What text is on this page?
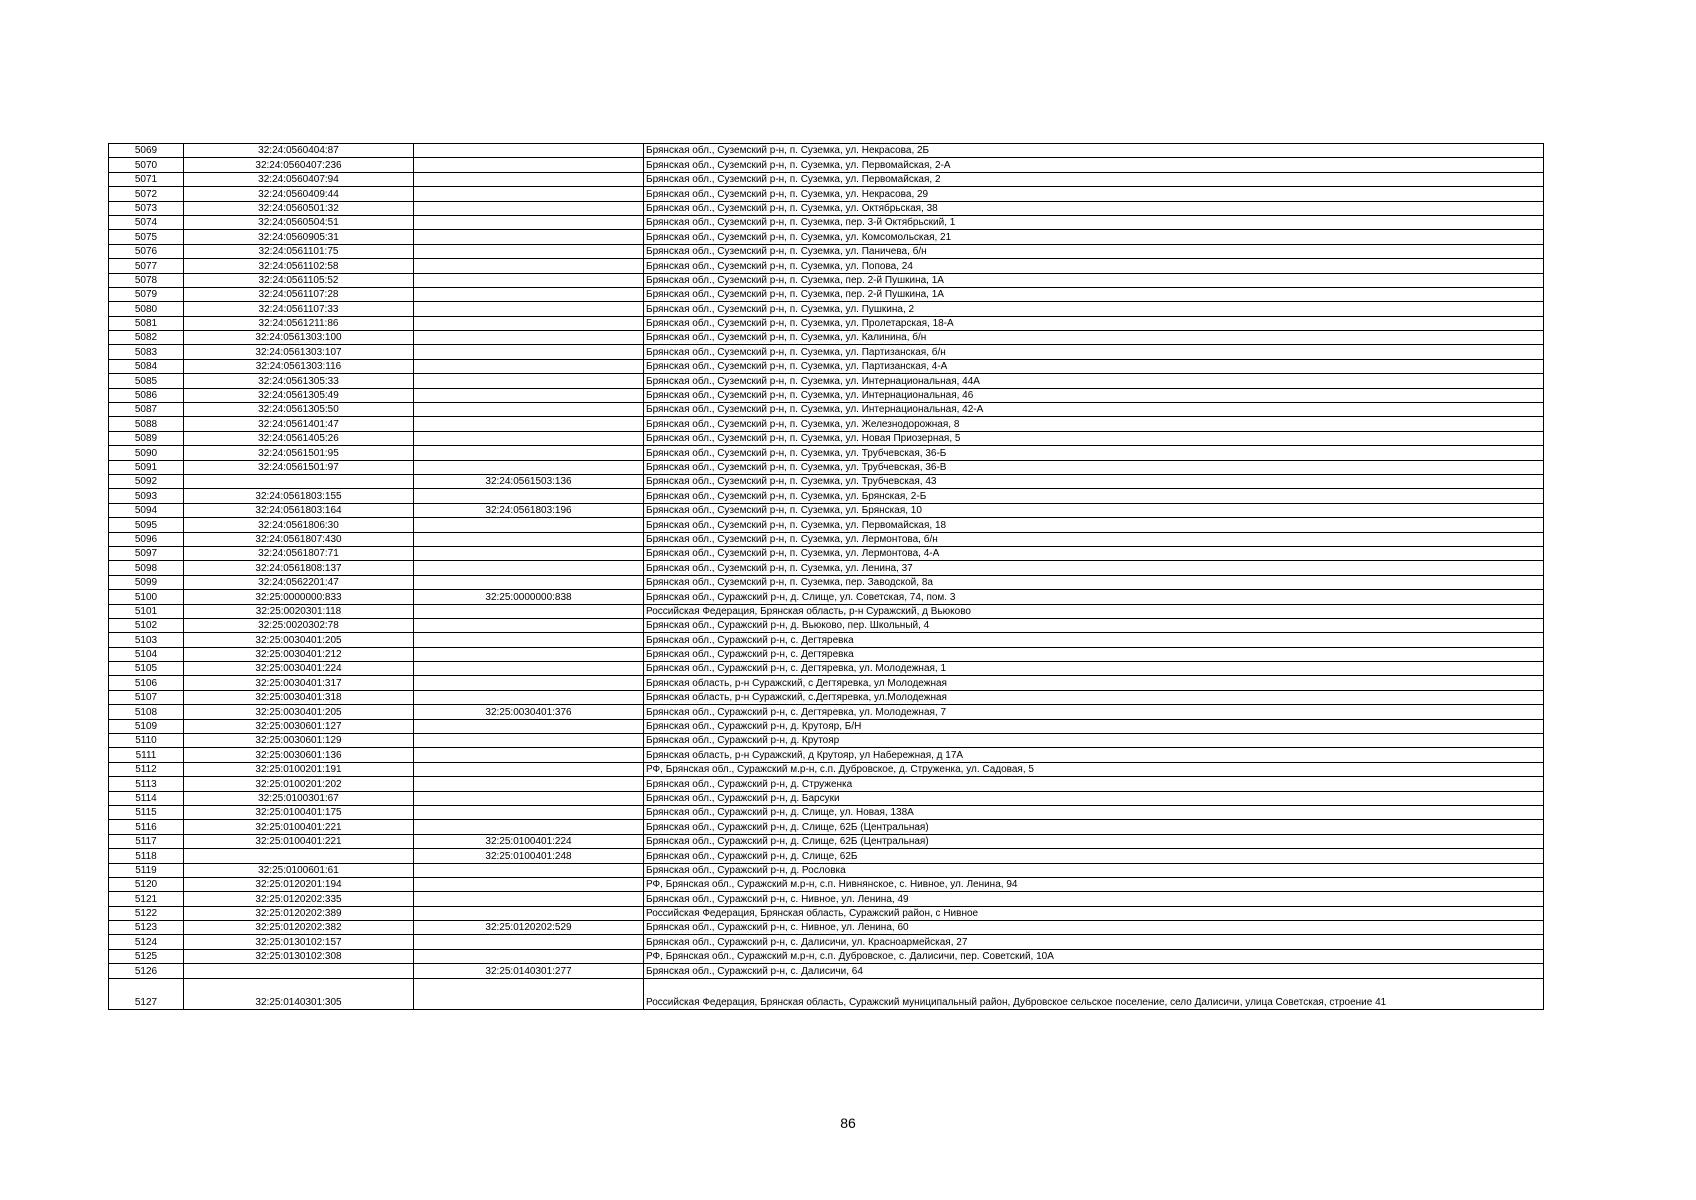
5069	32:24:0560404:87		Брянская обл., Суземский р-н, п. Суземка, ул. Некрасова, 2Б
5070	32:24:0560407:236		Брянская обл., Суземский р-н, п. Суземка, ул. Первомайская, 2-А
5071	32:24:0560407:94		Брянская обл., Суземский р-н, п. Суземка, ул. Первомайская, 2
5072	32:24:0560409:44		Брянская обл., Суземский р-н, п. Суземка, ул. Некрасова, 29
5073	32:24:0560501:32		Брянская обл., Суземский р-н, п. Суземка, ул. Октябрьская, 38
5074	32:24:0560504:51		Брянская обл., Суземский р-н, п. Суземка, пер. 3-й Октябрьский, 1
5075	32:24:0560905:31		Брянская обл., Суземский р-н, п. Суземка, ул. Комсомольская, 21
5076	32:24:0561101:75		Брянская обл., Суземский р-н, п. Суземка, ул. Паничева, б/н
5077	32:24:0561102:58		Брянская обл., Суземский р-н, п. Суземка, ул. Попова, 24
5078	32:24:0561105:52		Брянская обл., Суземский р-н, п. Суземка, пер. 2-й Пушкина, 1А
5079	32:24:0561107:28		Брянская обл., Суземский р-н, п. Суземка, пер. 2-й Пушкина, 1А
5080	32:24:0561107:33		Брянская обл., Суземский р-н, п. Суземка, ул. Пушкина, 2
5081	32:24:0561211:86		Брянская обл., Суземский р-н, п. Суземка, ул. Пролетарская, 18-А
5082	32:24:0561303:100		Брянская обл., Суземский р-н, п. Суземка, ул. Калинина, б/н
5083	32:24:0561303:107		Брянская обл., Суземский р-н, п. Суземка, ул. Партизанская, б/н
5084	32:24:0561303:116		Брянская обл., Суземский р-н, п. Суземка, ул. Партизанская, 4-А
5085	32:24:0561305:33		Брянская обл., Суземский р-н, п. Суземка, ул. Интернациональная, 44А
5086	32:24:0561305:49		Брянская обл., Суземский р-н, п. Суземка, ул. Интернациональная, 46
5087	32:24:0561305:50		Брянская обл., Суземский р-н, п. Суземка, ул. Интернациональная, 42-А
5088	32:24:0561401:47		Брянская обл., Суземский р-н, п. Суземка, ул. Железнодорожная, 8
5089	32:24:0561405:26		Брянская обл., Суземский р-н, п. Суземка, ул. Новая Приозерная, 5
5090	32:24:0561501:95		Брянская обл., Суземский р-н, п. Суземка, ул. Трубчевская, 36-Б
5091	32:24:0561501:97		Брянская обл., Суземский р-н, п. Суземка, ул. Трубчевская, 36-В
5092		32:24:0561503:136	Брянская обл., Суземский р-н, п. Суземка, ул. Трубчевская, 43
5093	32:24:0561803:155		Брянская обл., Суземский р-н, п. Суземка, ул. Брянская, 2-Б
5094	32:24:0561803:164	32:24:0561803:196	Брянская обл., Суземский р-н, п. Суземка, ул. Брянская, 10
5095	32:24:0561806:30		Брянская обл., Суземский р-н, п. Суземка, ул. Первомайская, 18
5096	32:24:0561807:430		Брянская обл., Суземский р-н, п. Суземка, ул. Лермонтова, б/н
5097	32:24:0561807:71		Брянская обл., Суземский р-н, п. Суземка, ул. Лермонтова, 4-А
5098	32:24:0561808:137		Брянская обл., Суземский р-н, п. Суземка, ул. Ленина, 37
5099	32:24:0562201:47		Брянская обл., Суземский р-н, п. Суземка, пер. Заводской, 8а
5100	32:25:0000000:833	32:25:0000000:838	Брянская обл., Суражский р-н, д. Слище, ул. Советская, 74, пом. 3
5101	32:25:0020301:118		Российская Федерация, Брянская область, р-н Суражский, д Вьюково
5102	32:25:0020302:78		Брянская обл., Суражский р-н, д. Вьюково, пер. Школьный, 4
5103	32:25:0030401:205		Брянская обл., Суражский р-н, с. Дегтяревка
5104	32:25:0030401:212		Брянская обл., Суражский р-н, с. Дегтяревка
5105	32:25:0030401:224		Брянская обл., Суражский р-н, с. Дегтяревка, ул. Молодежная, 1
5106	32:25:0030401:317		Брянская область, р-н Суражский, с Дегтяревка, ул Молодежная
5107	32:25:0030401:318		Брянская область, р-н Суражский, с.Дегтяревка, ул.Молодежная
5108	32:25:0030401:205	32:25:0030401:376	Брянская обл., Суражский р-н, с. Дегтяревка, ул. Молодежная, 7
5109	32:25:0030601:127		Брянская обл., Суражский р-н, д. Крутояр, Б/Н
5110	32:25:0030601:129		Брянская обл., Суражский р-н, д. Крутояр
5111	32:25:0030601:136		Брянская область, р-н Суражский, д Крутояр, ул Набережная, д 17А
5112	32:25:0100201:191		РФ, Брянская обл., Суражский м.р-н, с.п. Дубровское, д. Струженка, ул. Садовая, 5
5113	32:25:0100201:202		Брянская обл., Суражский р-н, д. Струженка
5114	32:25:0100301:67		Брянская обл., Суражский р-н, д. Барсуки
5115	32:25:0100401:175		Брянская обл., Суражский р-н, д. Слище, ул. Новая, 138А
5116	32:25:0100401:221		Брянская обл., Суражский р-н, д. Слище, 62Б (Центральная)
5117	32:25:0100401:221	32:25:0100401:224	Брянская обл., Суражский р-н, д. Слище, 62Б (Центральная)
5118		32:25:0100401:248	Брянская обл., Суражский р-н, д. Слище, 62Б
5119	32:25:0100601:61		Брянская обл., Суражский р-н, д. Рословка
5120	32:25:0120201:194		РФ, Брянская обл., Суражский м.р-н, с.п. Нивнянское, с. Нивное, ул. Ленина, 94
5121	32:25:0120202:335		Брянская обл., Суражский р-н, с. Нивное, ул. Ленина, 49
5122	32:25:0120202:389		Российская Федерация, Брянская область, Суражский район, с Нивное
5123	32:25:0120202:382	32:25:0120202:529	Брянская обл., Суражский р-н, с. Нивное, ул. Ленина, 60
5124	32:25:0130102:157		Брянская обл., Суражский р-н, с. Далисичи, ул. Красноармейская, 27
5125	32:25:0130102:308		РФ, Брянская обл., Суражский м.р-н, с.п. Дубровское, с. Далисичи, пер. Советский, 10А
5126		32:25:0140301:277	Брянская обл., Суражский р-н, с. Далисичи, 64
5127	32:25:0140301:305		Российская Федерация, Брянская область, Суражский муниципальный район, Дубровское сельское поселение, село Далисичи, улица Советская, строение 41
86
